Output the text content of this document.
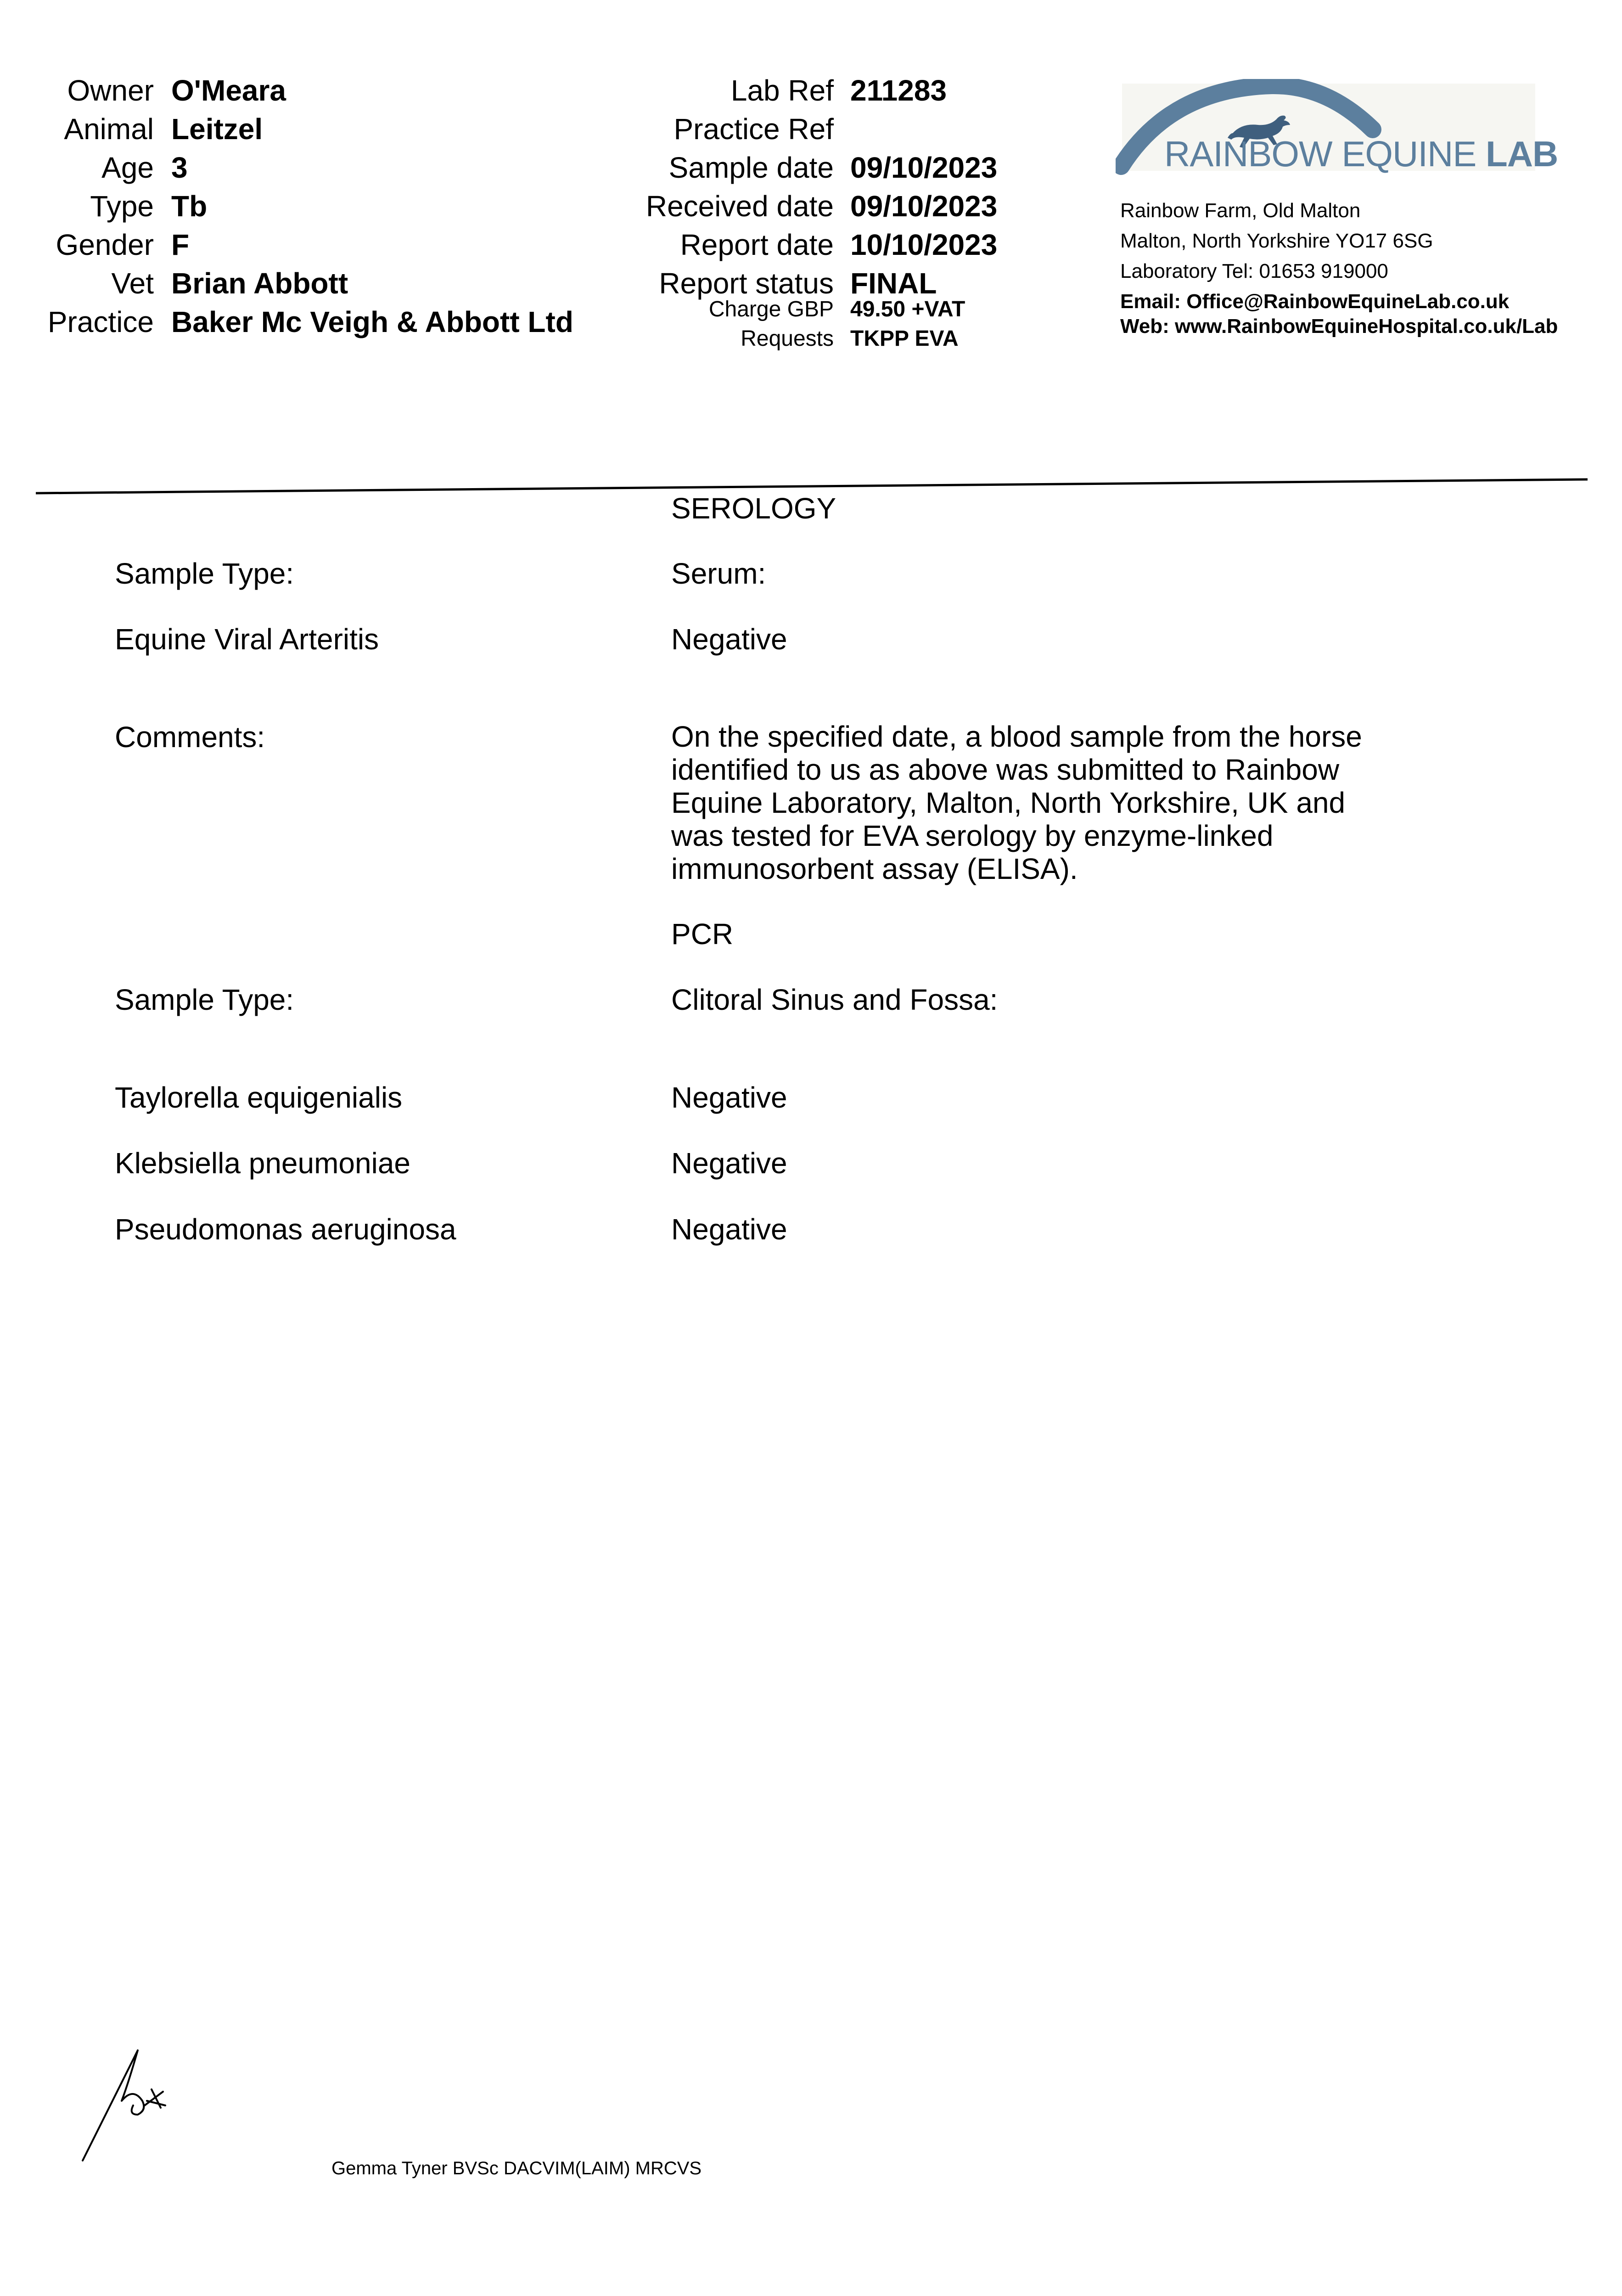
Owner O'Meara
Animal Leitzel
Age 3
Type Tb
Gender F
Vet Brian Abbott
Practice Baker Mc Veigh & Abbott Ltd
Lab Ref 211283
Practice Ref
Sample date 09/10/2023
Received date 09/10/2023
Report date 10/10/2023
Report status FINAL
Charge GBP 49.50 +VAT
Requests TKPP EVA
RAINBOW EQUINE LAB
Rainbow Farm, Old Malton
Malton, North Yorkshire YO17 6SG
Laboratory Tel: 01653 919000
Email: Office@RainbowEquineLab.co.uk
Web: www.RainbowEquineHospital.co.uk/Lab
SEROLOGY
Sample Type:	Serum:
Equine Viral Arteritis	Negative
Comments:	On the specified date, a blood sample from the horse
identified to us as above was submitted to Rainbow
Equine Laboratory, Malton, North Yorkshire, UK and
was tested for EVA serology by enzyme-linked
immunosorbent assay (ELISA).
PCR
Sample Type:	Clitoral Sinus and Fossa:
Taylorella equigenialis	Negative
Klebsiella pneumoniae	Negative
Pseudomonas aeruginosa	Negative
Gemma Tyner BVSc DACVIM(LAIM) MRCVS
